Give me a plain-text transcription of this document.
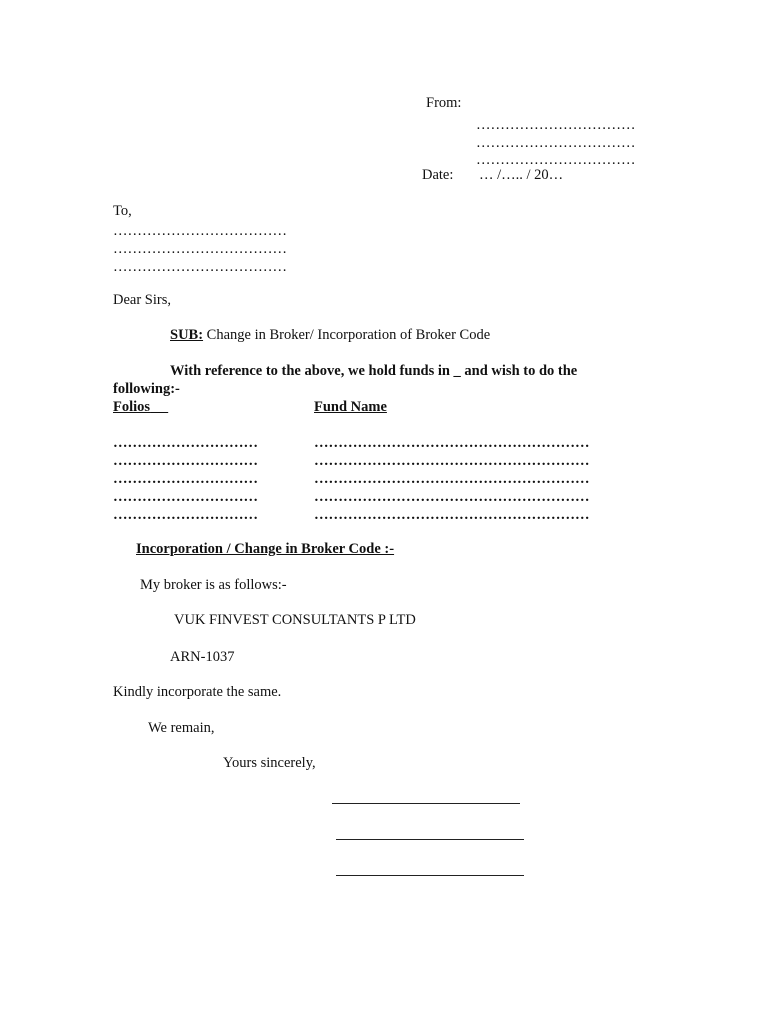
From:
……………………………
……………………………
……………………………
Date: … /….. / 20…
To,
………………………………
………………………………
………………………………
Dear Sirs,
SUB: Change in Broker/ Incorporation of Broker Code
With reference to the above, we hold funds in _ and wish to do the
following:-
Folios	Fund Name
…………………………	…………………………………………………
…………………………	…………………………………………………
…………………………	…………………………………………………
…………………………	…………………………………………………
…………………………	…………………………………………………
Incorporation / Change in Broker Code :-
My broker is as follows:-
VUK FINVEST CONSULTANTS P LTD
ARN-1037
Kindly incorporate the same.
We remain,
Yours sincerely,
